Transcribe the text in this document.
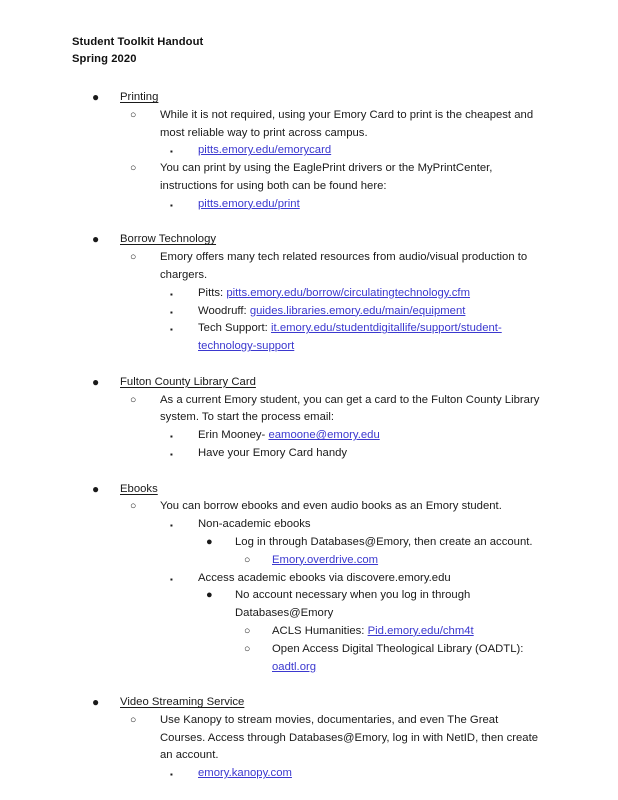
Student Toolkit Handout
Spring 2020
● Printing
○ While it is not required, using your Emory Card to print is the cheapest and most reliable way to print across campus.
▪ pitts.emory.edu/emorycard
○ You can print by using the EaglePrint drivers or the MyPrintCenter, instructions for using both can be found here:
▪ pitts.emory.edu/print
● Borrow Technology
○ Emory offers many tech related resources from audio/visual production to chargers.
▪ Pitts: pitts.emory.edu/borrow/circulatingtechnology.cfm
▪ Woodruff: guides.libraries.emory.edu/main/equipment
▪ Tech Support: it.emory.edu/studentdigitallife/support/student-technology-support
● Fulton County Library Card
○ As a current Emory student, you can get a card to the Fulton County Library system. To start the process email:
▪ Erin Mooney- eamoone@emory.edu
▪ Have your Emory Card handy
● Ebooks
○ You can borrow ebooks and even audio books as an Emory student.
▪ Non-academic ebooks
● Log in through Databases@Emory, then create an account.
○ Emory.overdrive.com
▪ Access academic ebooks via discovere.emory.edu
● No account necessary when you log in through Databases@Emory
○ ACLS Humanities: Pid.emory.edu/chm4t
○ Open Access Digital Theological Library (OADTL): oadtl.org
● Video Streaming Service
○ Use Kanopy to stream movies, documentaries, and even The Great Courses. Access through Databases@Emory, log in with NetID, then create an account.
▪ emory.kanopy.com
